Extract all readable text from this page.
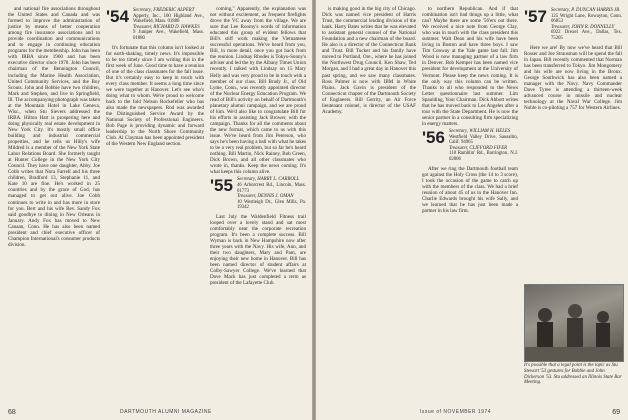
and national fire associations throughout the United States and Canada and was formed to improve the administration of justice by means of better cooperation among fire insurance associations and to provide coordination and communications and to engage in continuing education programs for the membership. John has been with IRBA since 1960 and has been executive director since 1970. John has been chairman of the Bennington Council, including the Marine Health Association, United Community Services, and the Boy Scouts. John and Bobbie have two children, Mark and Stephen, and live in Springfield, Ill. The accompanying photograph was taken at the Mountain Hotel in Lake Geneva, Wisc., when Stu Sievers addressed the IRBA. Hilton Hart is prospering here and doing physically real estate development in New York City. It's mostly small office building and industrial commercial properties, and he tells us Hilly's wife Mildred is a member of the New York State Labor Relations Board. She formerly taught at Hunter College in the New York City Council. They have one daughter, Abby. Joe Cobb writes that Nora Farrell and his three children, Bradford 13, Stephanie 11, and Kate 10 are fine. He's worked in 25 countries and by the grace of God, has managed to get out alive. Joe Cobb continues to write in and has more in store for you. Bert and his wife Bev. Sandy Fox said goodbye to dining in New Orleans in January. Andy Fox has moved to New Canaan, Conn. He has also been named president and chief executive officer of Champion International's consumer products division.

'54 Secretary, FREDERIC ALPERT
Apperly, Inc., 100 Highland Ave., Wakefield, Mass. 01880
Treasurer, RICHARD D. HAWKES
9 Juniper Ave., Wakefield, Mass. 01880

It's fortunate that this column isn't looked at for earth-shaking, timely news. It's impossible to be too timely since I am writing this in the first week of June. Good time to have a reunion of one of the class classmates for the fall issue. But it's certainly easy to keep in touch with every class member. It seems a long time since we were together at Hanover. Let's see who's doing what to whom. We're proud to welcome back to the fold Nelson Rockefeller who has also made the newspapers. Rod was awarded the Distinguished Service Award by the National Society of Professional Engineers. Bob Page is providing dynamic and forward leadership to the North Shore Community Club. Al Clayman has been appointed president of the Western New England section.

coming," Apparently, the explanation was not without excitement, as frequent firefights drove the VC away from the village. We are sure that Lee Roomy's words of information educated this group of evident fellows that Bill's stiff work making the Vietnamese successful operations. We've heard from you, Bill, in more detail, once you got back from the reunion. Lindsay Rhodes is Tokyo-Sonny's adviser and led the by the Albany Times Union recently. I talked with Lindsay on 15 Mary Helly and was very proud to be in touch with a member of our class. Bill Brady Jr., of Old Lyme, Conn., was recently appointed director of the Nuclear Energy Education Program. We read of Bill's activity on behalf of Dartmouth's planetary alumni campaign, and we are proud of him. We'd also like to congratulate Bill for his efforts in assisting Jack Brower, with the campaign. Thanks for all the comments about the new format, which came to us with this issue. We've heard from Jim Peterson, who says he's been having a ball with what he takes to be a very real problem, but so far he's heard nothing. Bill Martin, Nick Rainey, Bob Green, Dick Brown, and all other classmates who wrote in, thanks. Keep the news coming. It's what keeps this column alive.

'55 Secretary, HARRY L. CARROLL
46 Arborcrest Rd., Lincoln, Mass. 01773
Treasurer, DENNIS J. OMAN
10 Westleigh Dr., Glen Mills, Pa. 19342

Last July the Waldenfield Fitness trail looped over a lovely stand and sat most comfortably near the corporate recreation program. It's been a complete success. Bill Wyman is back in New Hampshire now after three years with the Navy. His wife, Ann, and their two daughters, Mary and Pam, are enjoying their new home in Hanover. Bill has been named director of student affairs at Colby-Sawyer College. We've learned that Dave Mack has just completed a term as president of the Lafayette Club.

68	DARTMOUTH ALUMNI MAGAZINE

is making good in the big city of Chicago. Dick was named vice president of Harris Trust, the commercial lending division of the bank. Harry Bates writes that he was elevated to assistant general counsel of the National Foundation and a new chairman of the board. He also is a director of the Connecticut Bank and Trust. Bill Tucker and his family have moved to Portland, Ore., where he has joined the Northwest Drug Council. Ken Shaw, Ted Morgan, and I had a great day in Hanover this past spring, and we saw many classmates. Ross Palmer is now with IBM in White Plains. Jack Gavin is president of the Connecticut chapter of the Dartmouth Society of Engineers. Bill Gerrity, an Air Force lieutenant colonel, is director of the USAF Academy.

to northern Republican. And if that combination isn't bad things up a little, what can? Maybe there are some '56'ers out there. We received a nice note from George Clay, who was in touch with the class president this summer. Walt Dean and his wife have been living in Boston and have three boys. I saw Tim Conway at the Yale game last fall. Jim Wood is now managing partner of a law firm in Denver. Bob Kemper has been named vice president for development at the University of Vermont. Please keep the news coming. It is the only way this column can be written. Thanks to all who responded to the News Letter questionnaire last summer. Lim Spaulding, Your Chairman. Dick Abbott writes that he has moved back to Los Angeles after a tour with the State Department. He is now the senior partner in a consulting firm specializing in energy matters.

'56 Secretary, WILLIAM H. HELES
Westfield Valley Drive, Sausalito, Calif. 94965
Treasurer, CLIFFORD FIFER
118 Ramblin' Rd., Barrington, N.J. 02806

After we ring the Dartmouth football team got against the Holy Cross (the 14 to 3 score), I took the occasion of the game to catch up with the members of the class. We had a brief reunion of about 45 of us in the Hanover Inn. Charlie Edwards brought his wife Sally, and we learned that he has just been made a partner in his law firm.

'57 Secretary, P. DUNCAN HARRIS JR.
125 Wright Lane, Rowayton, Conn. 06853
Treasurer, JOHN R. DONNELLY
6922 Drexel Ave., Dallas, Tex. 75205

Here we are! By now we've heard that Bill Rosser and Joe Strausman will be spend the fall in Japan. Bill recently commented that Norman has been transferred to Tokyo. Jim Mongomery and his wife are now living in the Bronx. George Southwick has also been named a manager with the Navy. Navy Commander Dave Tyree is attending a thirteen-week advanced course in missile and nuclear technology at the Naval War College. Jim Noble is co-piloting a 757 for Western Airlines.

It's possible that a legal point is the topic as Stu Stewart '53 gestures for Bobbie and John Dickerson '53. Stu addressed an Illinois State Bar Meeting.
Issue of NOVEMBER 1974	69
